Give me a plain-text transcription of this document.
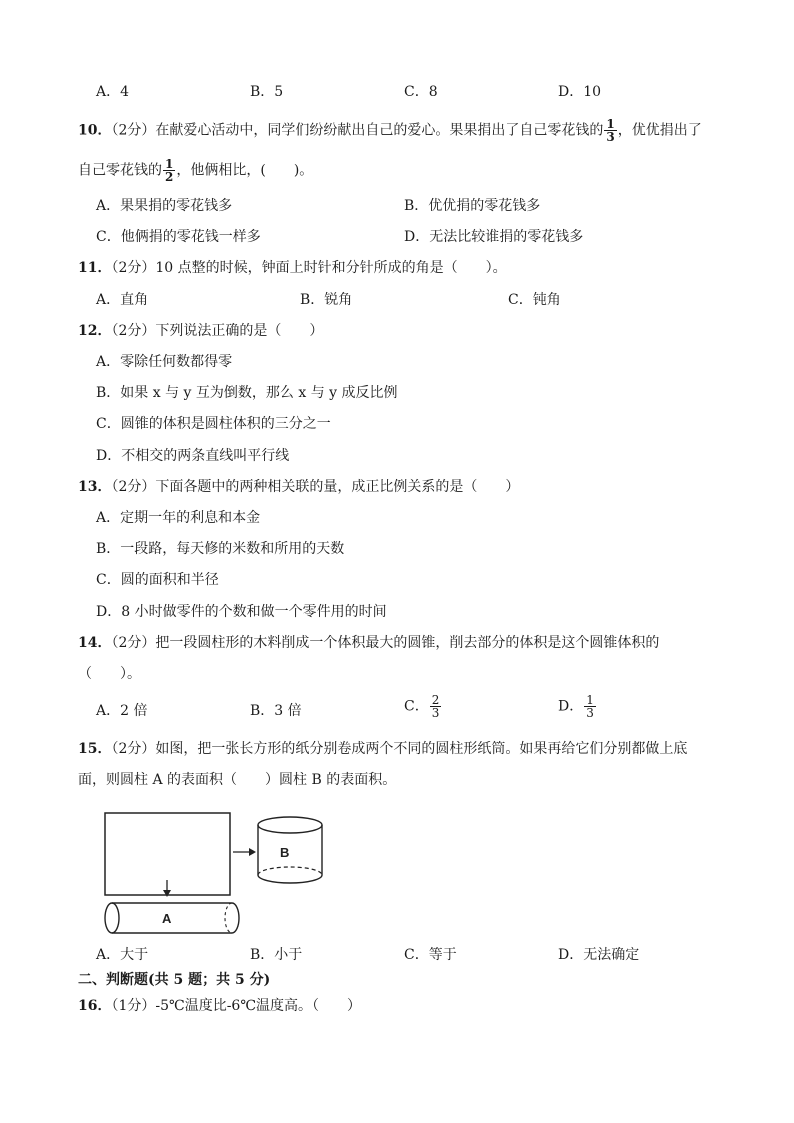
A．4	B．5	C．8	D．10
10．（2分）在献爱心活动中，同学们纷纷献出自己的爱心。果果捐出了自己零花钱的 $\frac{1}{3}$ ，优优捐出了
自己零花钱的 $\frac{1}{2}$ ，他俩相比，(　　)。
A．果果捐的零花钱多	B．优优捐的零花钱多
C．他俩捐的零花钱一样多	D．无法比较谁捐的零花钱多
11．（2分）10 点整的时候，钟面上时针和分针所成的角是（　　）。
A．直角	B．锐角	C．钝角
12．（2分）下列说法正确的是（　　）
A．零除任何数都得零
B．如果 x 与 y 互为倒数，那么 x 与 y 成反比例
C．圆锥的体积是圆柱体积的三分之一
D．不相交的两条直线叫平行线
13．（2分）下面各题中的两种相关联的量，成正比例关系的是（　　）
A．定期一年的利息和本金
B．一段路，每天修的米数和所用的天数
C．圆的面积和半径
D．8 小时做零件的个数和做一个零件用的时间
14．（2分）把一段圆柱形的木料削成一个体积最大的圆锥，削去部分的体积是这个圆锥体积的
（　　）。
A．2 倍	B．3 倍	C． $\frac{2}{3}$	D． $\frac{1}{3}$
15．（2分）如图，把一张长方形的纸分别卷成两个不同的圆柱形纸筒。如果再给它们分别都做上底
面，则圆柱 A 的表面积（　　）圆柱 B 的表面积。
B
A
A．大于	B．小于	C．等于	D．无法确定
二、判断题(共 5 题；共 5 分)
16．（1分）-5℃温度比-6℃温度高。（　　）
